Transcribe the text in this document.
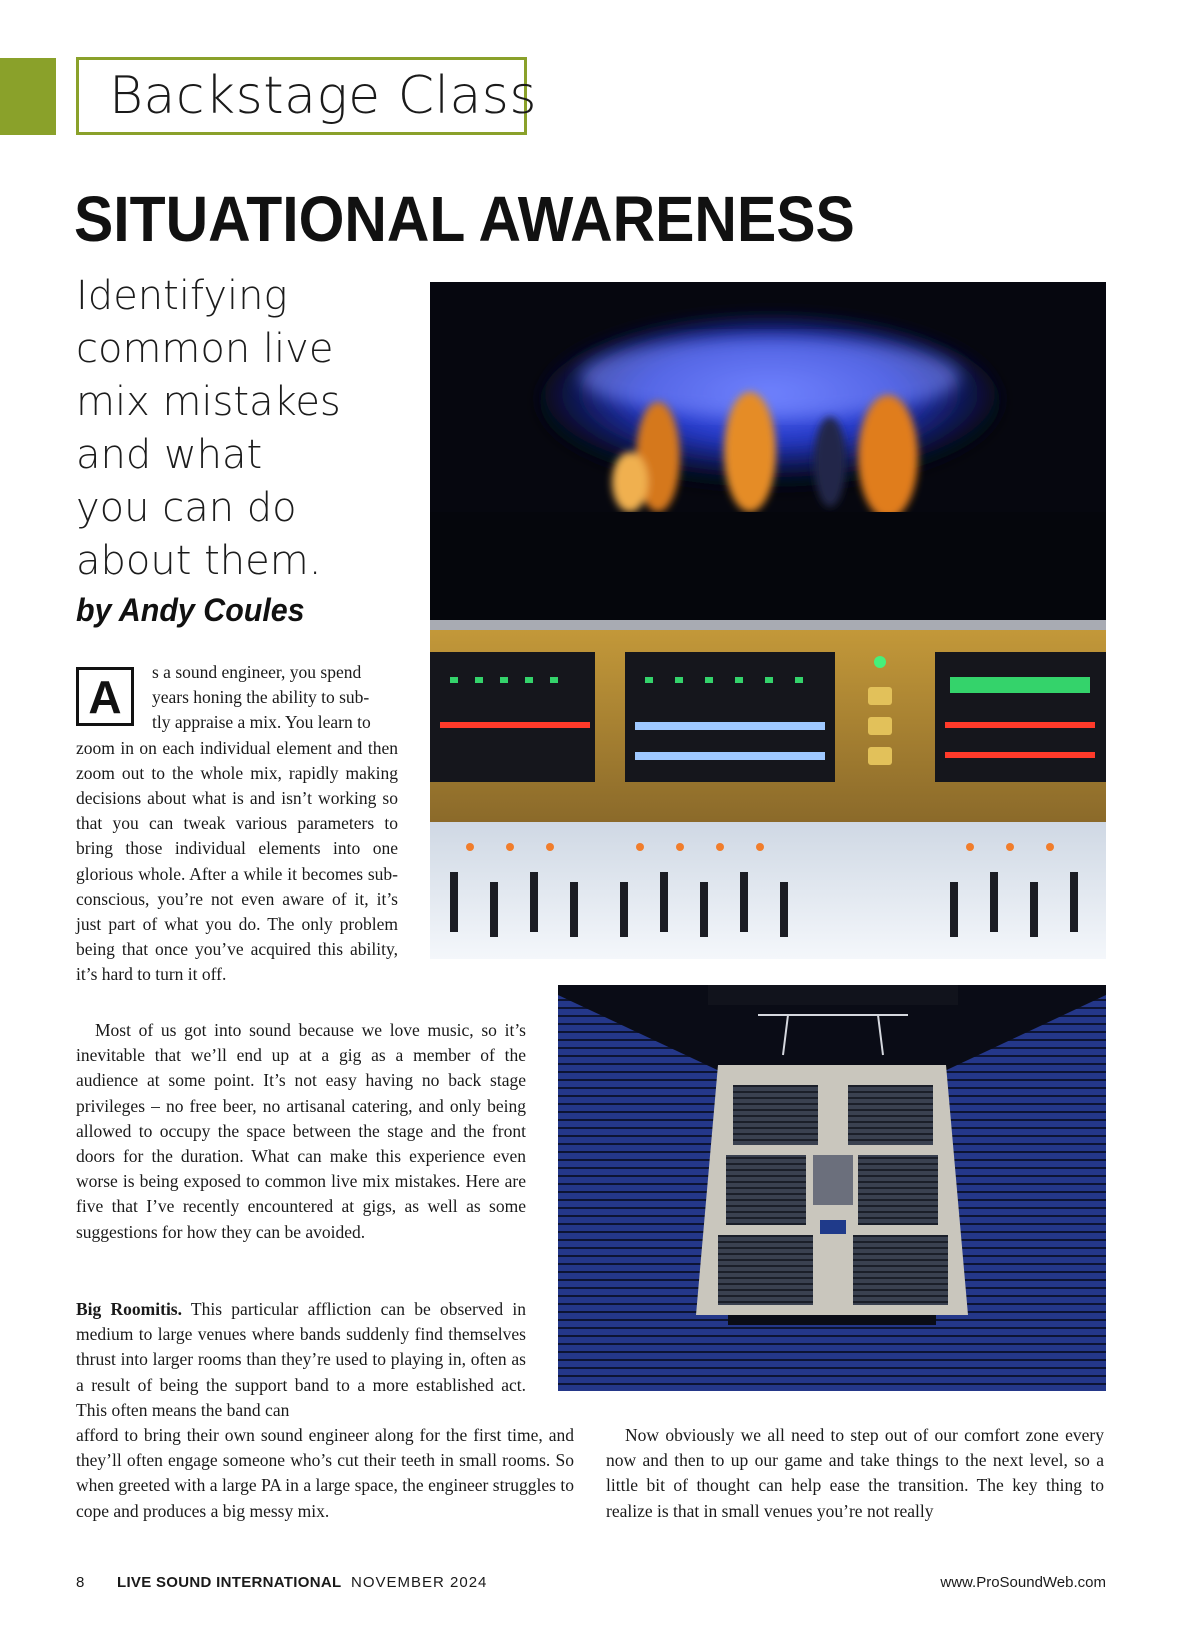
Backstage Class
SITUATIONAL AWARENESS
Identifying
common live
mix mistakes
and what
you can do
about them.
by Andy Coules
A	s a sound engineer, you spend
years honing the ability to sub-
tly appraise a mix. You learn to

zoom in on each individual element and then zoom out to the whole mix, rapidly making decisions about what is and isn’t working so that you can tweak various parameters to bring those individual elements into one glorious whole. After a while it becomes sub-conscious, you’re not even aware of it, it’s just part of what you do. The only problem being that once you’ve acquired this ability, it’s hard to turn it off.

Most of us got into sound because we love music, so it’s inevitable that we’ll end up at a gig as a member of the audience at some point. It’s not easy having no back stage privileges – no free beer, no artisanal catering, and only being allowed to occupy the space between the stage and the front doors for the duration. What can make this experience even worse is being exposed to common live mix mistakes. Here are five that I’ve recently encountered at gigs, as well as some suggestions for how they can be avoided.

Big Roomitis. This particular affliction can be observed in medium to large venues where bands suddenly find themselves thrust into larger rooms than they’re used to playing in, often as a result of being the support band to a more established act. This often means the band can

afford to bring their own sound engineer along for the first time, and they’ll often engage someone who’s cut their teeth in small rooms. So when greeted with a large PA in a large space, the engineer struggles to cope and produces a big messy mix.

Now obviously we all need to step out of our comfort zone every now and then to up our game and take things to the next level, so a little bit of thought can help ease the transition. The key thing to realize is that in small venues you’re not really

8 LIVE SOUND INTERNATIONAL NOVEMBER 2024	www.ProSoundWeb.com
